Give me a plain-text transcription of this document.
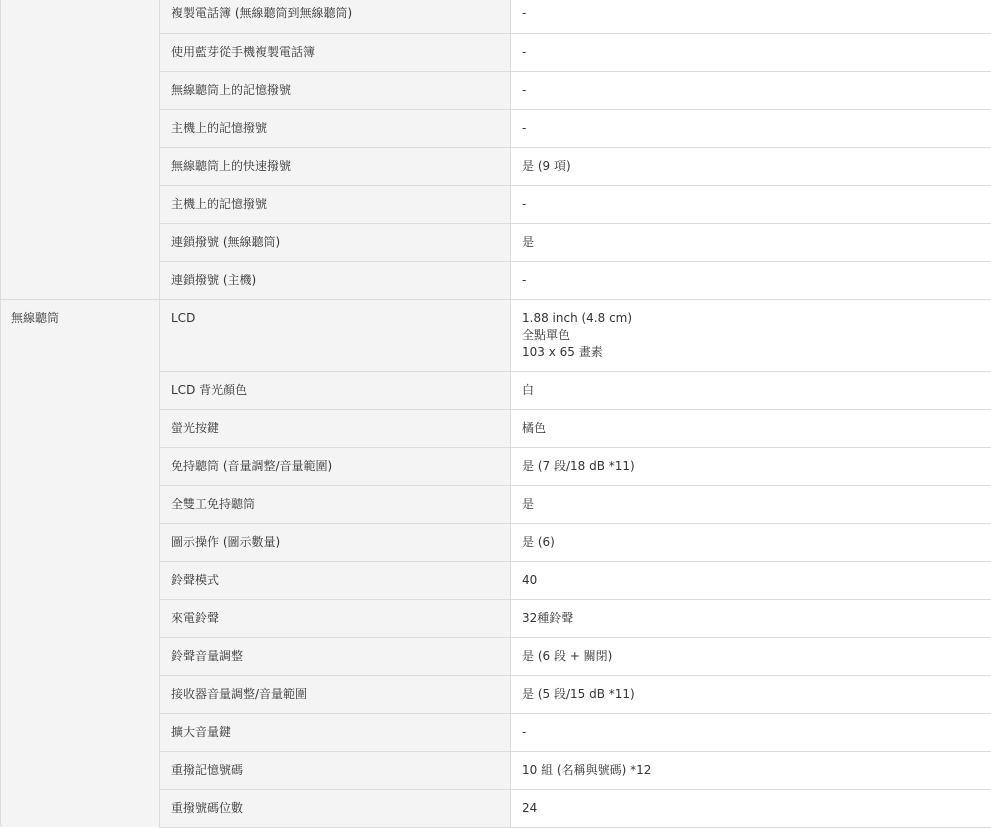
	複製電話簿 (無線聽筒到無線聽筒)	-
	使用藍芽從手機複製電話簿	-
	無線聽筒上的記憶撥號	-
	主機上的記憶撥號	-
	無線聽筒上的快速撥號	是 (9 項)
	主機上的記憶撥號	-
	連鎖撥號 (無線聽筒)	是
	連鎖撥號 (主機)	-
無線聽筒	LCD	1.88 inch (4.8 cm)
全點單色
103 x 65 畫素

	LCD 背光顏色	白
	螢光按鍵	橘色
	免持聽筒 (音量調整/音量範圍)	是 (7 段/18 dB *11)
	全雙工免持聽筒	是
	圖示操作 (圖示數量)	是 (6)
	鈴聲模式	40
	來電鈴聲	32種鈴聲
	鈴聲音量調整	是 (6 段 + 關閉)
	接收器音量調整/音量範圍	是 (5 段/15 dB *11)
	擴大音量鍵	-
	重撥記憶號碼	10 組 (名稱與號碼) *12
	重撥號碼位數	24
